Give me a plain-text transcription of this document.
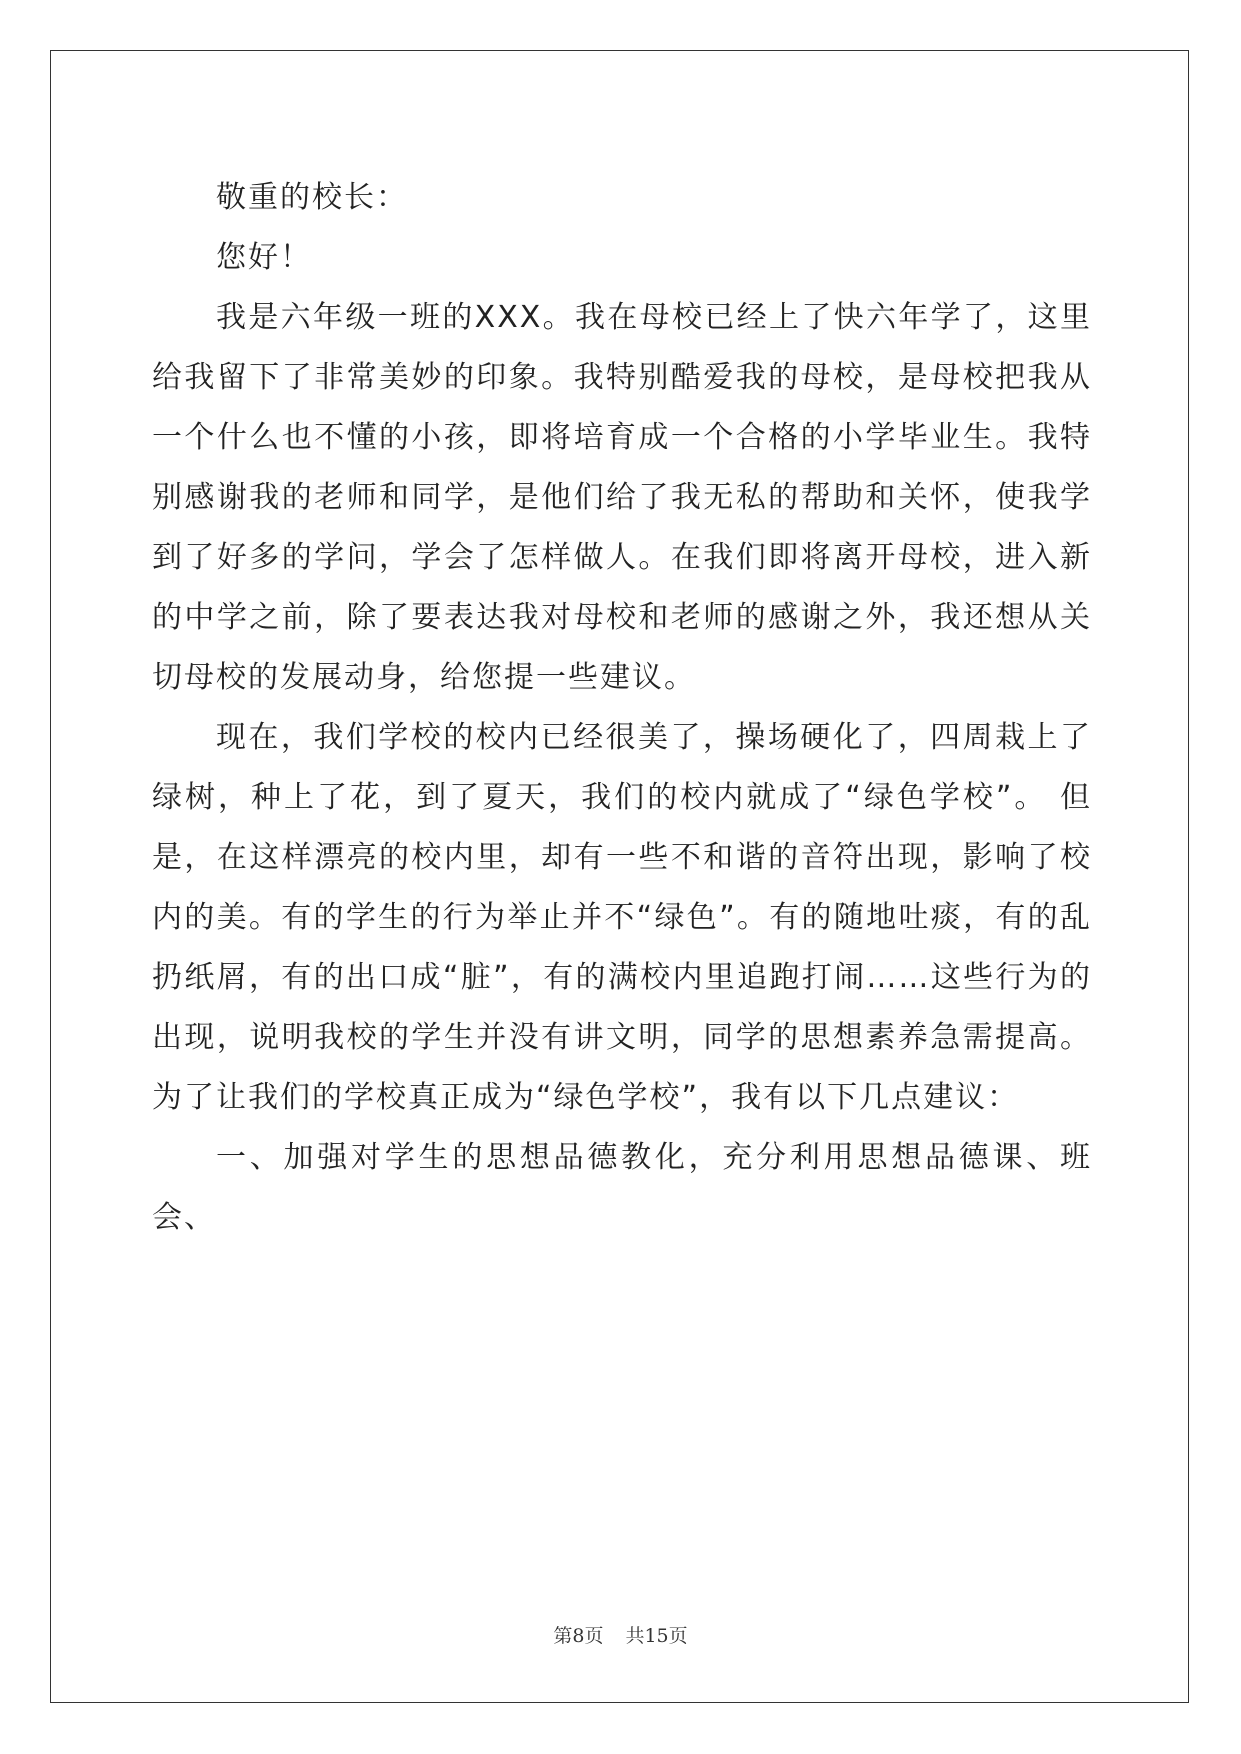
敬重的校长：

您好！

我是六年级一班的XXX。我在母校已经上了快六年学了，这里给我留下了非常美妙的印象。我特别酷爱我的母校，是母校把我从一个什么也不懂的小孩，即将培育成一个合格的小学毕业生。我特别感谢我的老师和同学，是他们给了我无私的帮助和关怀，使我学到了好多的学问，学会了怎样做人。在我们即将离开母校，进入新的中学之前，除了要表达我对母校和老师的感谢之外，我还想从关切母校的发展动身，给您提一些建议。

现在，我们学校的校内已经很美了，操场硬化了，四周栽上了绿树，种上了花，到了夏天，我们的校内就成了“绿色学校”。 但是，在这样漂亮的校内里，却有一些不和谐的音符出现，影响了校内的美。有的学生的行为举止并不“绿色”。有的随地吐痰，有的乱扔纸屑，有的出口成“脏”，有的满校内里追跑打闹……这些行为的出现，说明我校的学生并没有讲文明，同学的思想素养急需提高。 为了让我们的学校真正成为“绿色学校”，我有以下几点建议：

一、加强对学生的思想品德教化，充分利用思想品德课、班会、

第8页 共15页
